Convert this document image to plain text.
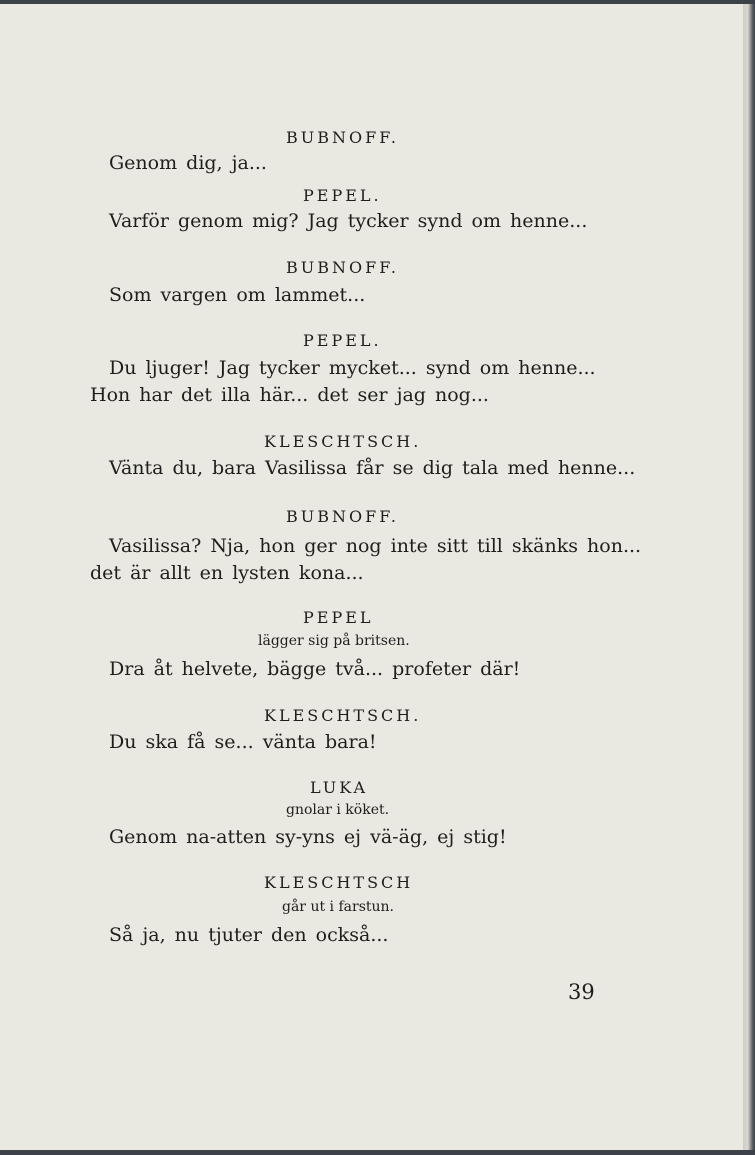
BUBNOFF.
Genom dig, ja...
PEPEL.
Varför genom mig? Jag tycker synd om henne...
BUBNOFF.
Som vargen om lammet...
PEPEL.
Du ljuger! Jag tycker mycket... synd om henne...
Hon har det illa här... det ser jag nog...
KLESCHTSCH.
Vänta du, bara Vasilissa får se dig tala med henne...
BUBNOFF.
Vasilissa? Nja, hon ger nog inte sitt till skänks hon...
det är allt en lysten kona...
PEPEL
lägger sig på britsen.
Dra åt helvete, bägge två... profeter där!
KLESCHTSCH.
Du ska få se... vänta bara!
LUKA
gnolar i köket.
Genom na-atten sy-yns ej vä-äg, ej stig!
KLESCHTSCH
går ut i farstun.
Så ja, nu tjuter den också...
39
